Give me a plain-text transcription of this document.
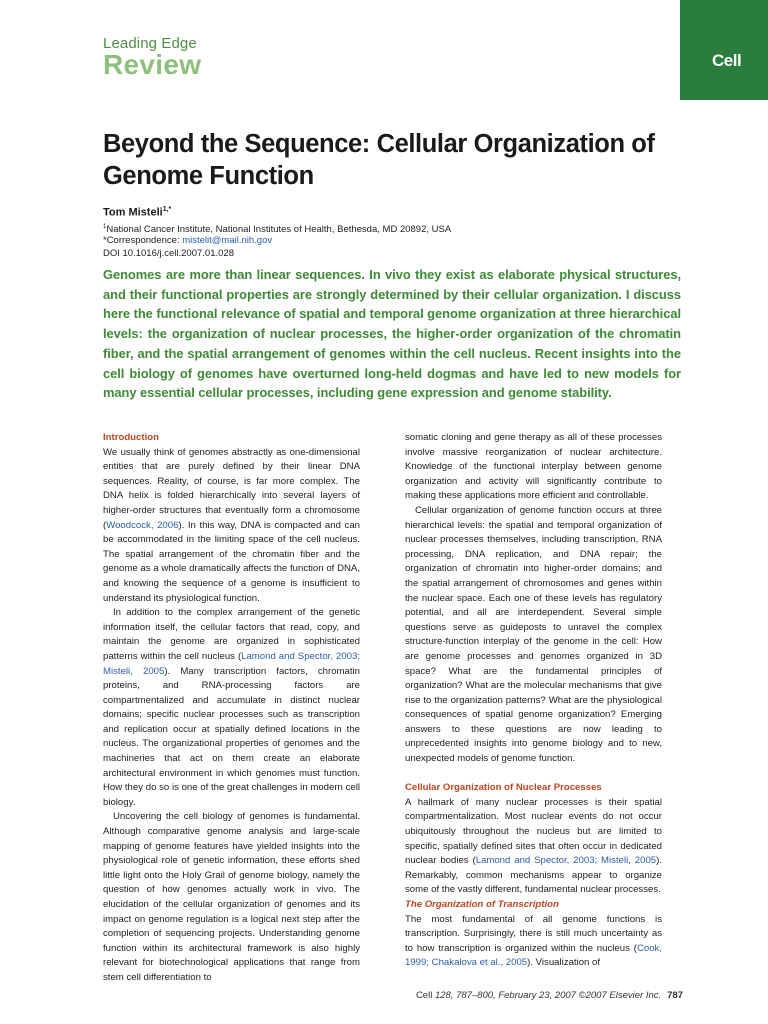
Cell
Leading Edge
Review
Beyond the Sequence: Cellular Organization of Genome Function
Tom Misteli$^{1,*}$
$^1$National Cancer Institute, National Institutes of Health, Bethesda, MD 20892, USA
*Correspondence: mistelit@mail.nih.gov
DOI 10.1016/j.cell.2007.01.028
Genomes are more than linear sequences. In vivo they exist as elaborate physical structures, and their functional properties are strongly determined by their cellular organization. I discuss here the functional relevance of spatial and temporal genome organization at three hierarchical levels: the organization of nuclear processes, the higher-order organization of the chromatin fiber, and the spatial arrangement of genomes within the cell nucleus. Recent insights into the cell biology of genomes have overturned long-held dogmas and have led to new models for many essential cellular processes, including gene expression and genome stability.
Introduction

We usually think of genomes abstractly as one-dimensional entities that are purely defined by their linear DNA sequences. Reality, of course, is far more complex. The DNA helix is folded hierarchically into several layers of higher-order structures that eventually form a chromosome (Woodcock, 2006). In this way, DNA is compacted and can be accommodated in the limiting space of the cell nucleus. The spatial arrangement of the chromatin fiber and the genome as a whole dramatically affects the function of DNA, and knowing the sequence of a genome is insufficient to understand its physiological function.

In addition to the complex arrangement of the genetic information itself, the cellular factors that read, copy, and maintain the genome are organized in sophisticated patterns within the cell nucleus (Lamond and Spector, 2003; Misteli, 2005). Many transcription factors, chromatin proteins, and RNA-processing factors are compartmentalized and accumulate in distinct nuclear domains; specific nuclear processes such as transcription and replication occur at spatially defined locations in the nucleus. The organizational properties of genomes and the machineries that act on them create an elaborate architectural environment in which genomes must function. How they do so is one of the great challenges in modern cell biology.

Uncovering the cell biology of genomes is fundamental. Although comparative genome analysis and large-scale mapping of genome features have yielded insights into the physiological role of genetic information, these efforts shed little light onto the Holy Grail of genome biology, namely the question of how genomes actually work in vivo. The elucidation of the cellular organization of genomes and its impact on genome regulation is a logical next step after the completion of sequencing projects. Understanding genome function within its architectural framework is also highly relevant for biotechnological applications that range from stem cell differentiation to

somatic cloning and gene therapy as all of these processes involve massive reorganization of nuclear architecture. Knowledge of the functional interplay between genome organization and activity will significantly contribute to making these applications more efficient and controllable.

Cellular organization of genome function occurs at three hierarchical levels: the spatial and temporal organization of nuclear processes themselves, including transcription, RNA processing, DNA replication, and DNA repair; the organization of chromatin into higher-order domains; and the spatial arrangement of chromosomes and genes within the nuclear space. Each one of these levels has regulatory potential, and all are interdependent. Several simple questions serve as guideposts to unravel the complex structure-function interplay of the genome in the cell: How are genome processes and genomes organized in 3D space? What are the fundamental principles of organization? What are the molecular mechanisms that give rise to the organization patterns? What are the physiological consequences of spatial genome organization? Emerging answers to these questions are now leading to unprecedented insights into genome biology and to new, unexpected models of genome function.

Cellular Organization of Nuclear Processes

A hallmark of many nuclear processes is their spatial compartmentalization. Most nuclear events do not occur ubiquitously throughout the nucleus but are limited to specific, spatially defined sites that often occur in dedicated nuclear bodies (Lamond and Spector, 2003; Misteli, 2005). Remarkably, common mechanisms appear to organize some of the vastly different, fundamental nuclear processes.

The Organization of Transcription

The most fundamental of all genome functions is transcription. Surprisingly, there is still much uncertainty as to how transcription is organized within the nucleus (Cook, 1999; Chakalova et al., 2005). Visualization of

Cell 128, 787–800, February 23, 2007 ©2007 Elsevier Inc. 787
